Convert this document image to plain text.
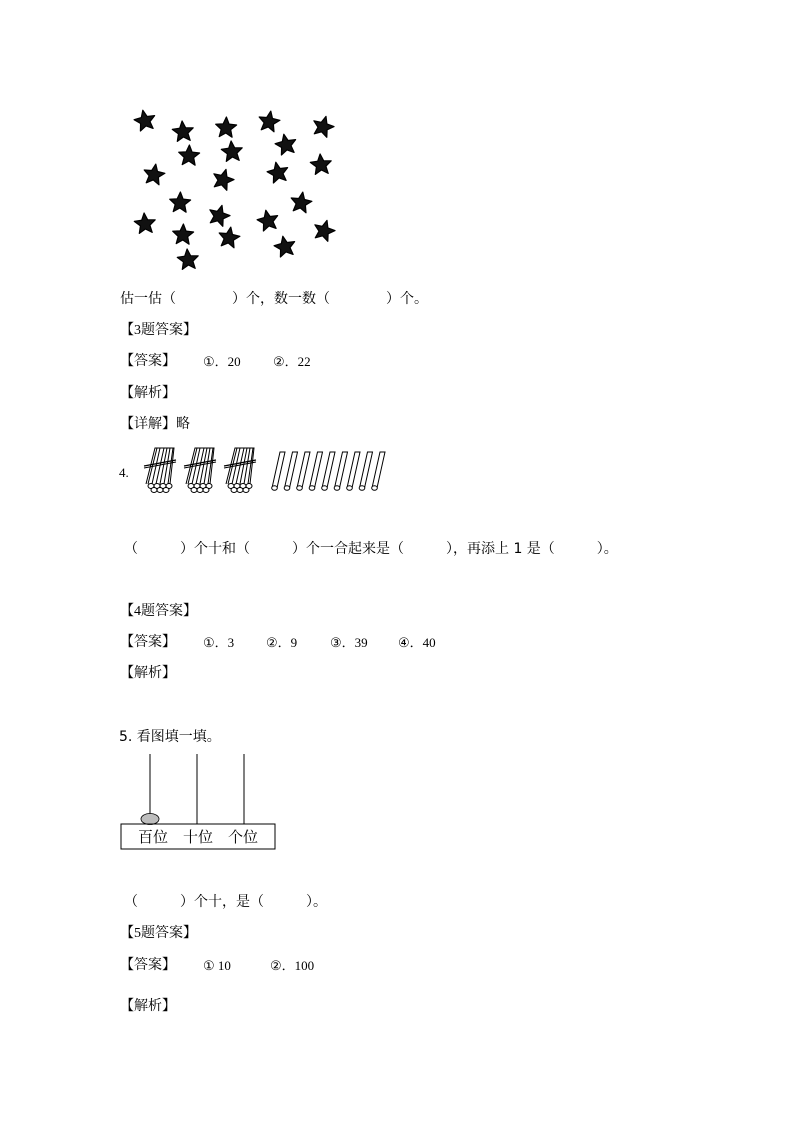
估一估（　　　　）个，数一数（　　　　）个。
【3题答案】
【答案】 ①．20 ②．22
【解析】
【详解】略
4.
（　　　）个十和（　　　）个一合起来是（　　　），再添上 1 是（　　　）。
【4题答案】
【答案】 ①．3 ②．9	③．39 ④．40
【解析】
5. 看图填一填。
百位 十位 个位
（　　　）个十，是（　　　）。
【5题答案】
【答案】 ① 10	②．100
【解析】
